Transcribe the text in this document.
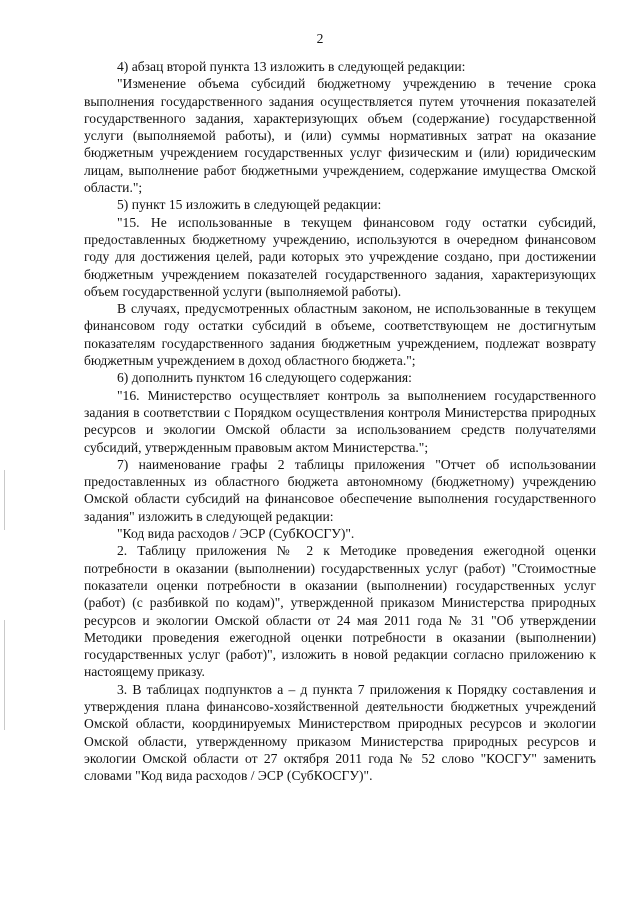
2

4) абзац второй пункта 13 изложить в следующей редакции:

"Изменение объема субсидий бюджетному учреждению в течение срока выполнения государственного задания осуществляется путем уточнения показателей государственного задания, характеризующих объем (содержание) государственной услуги (выполняемой работы), и (или) суммы нормативных затрат на оказание бюджетным учреждением государственных услуг физическим и (или) юридическим лицам, выполнение работ бюджетными учреждением, содержание имущества Омской области.";

5) пункт 15 изложить в следующей редакции:

"15. Не использованные в текущем финансовом году остатки субсидий, предоставленных бюджетному учреждению, используются в очередном финансовом году для достижения целей, ради которых это учреждение создано, при достижении бюджетным учреждением показателей государственного задания, характеризующих объем государственной услуги (выполняемой работы).

В случаях, предусмотренных областным законом, не использованные в текущем финансовом году остатки субсидий в объеме, соответствующем не достигнутым показателям государственного задания бюджетным учреждением, подлежат возврату бюджетным учреждением в доход областного бюджета.";

6) дополнить пунктом 16 следующего содержания:

"16. Министерство осуществляет контроль за выполнением государственного задания в соответствии с Порядком осуществления контроля Министерства природных ресурсов и экологии Омской области за использованием средств получателями субсидий, утвержденным правовым актом Министерства.";

7) наименование графы 2 таблицы приложения "Отчет об использовании предоставленных из областного бюджета автономному (бюджетному) учреждению Омской области субсидий на финансовое обеспечение выполнения государственного задания" изложить в следующей редакции:

"Код вида расходов / ЭСР (СубКОСГУ)".

2. Таблицу приложения № 2 к Методике проведения ежегодной оценки потребности в оказании (выполнении) государственных услуг (работ) "Стоимостные показатели оценки потребности в оказании (выполнении) государственных услуг (работ) (с разбивкой по кодам)", утвержденной приказом Министерства природных ресурсов и экологии Омской области от 24 мая 2011 года № 31 "Об утверждении Методики проведения ежегодной оценки потребности в оказании (выполнении) государственных услуг (работ)", изложить в новой редакции согласно приложению к настоящему приказу.

3. В таблицах подпунктов а – д пункта 7 приложения к Порядку составления и утверждения плана финансово-хозяйственной деятельности бюджетных учреждений Омской области, координируемых Министерством природных ресурсов и экологии Омской области, утвержденному приказом Министерства природных ресурсов и экологии Омской области от 27 октября 2011 года № 52 слово "КОСГУ" заменить словами "Код вида расходов / ЭСР (СубКОСГУ)".
